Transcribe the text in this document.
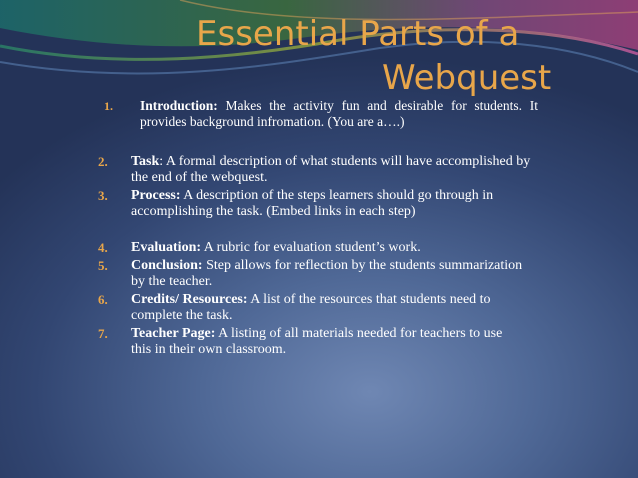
Essential Parts of a
Webquest
1. Introduction: Makes the activity fun and desirable for students. It provides background infromation. (You are a….)
2. Task: A formal description of what students will have accomplished by the end of the webquest.
3. Process: A description of the steps learners should go through in accomplishing the task. (Embed links in each step)
4. Evaluation: A rubric for evaluation student’s work.
5. Conclusion: Step allows for reflection by the students summarization by the teacher.
6. Credits/ Resources: A list of the resources that students need to complete the task.
7. Teacher Page: A listing of all materials needed for teachers to use this in their own classroom.
